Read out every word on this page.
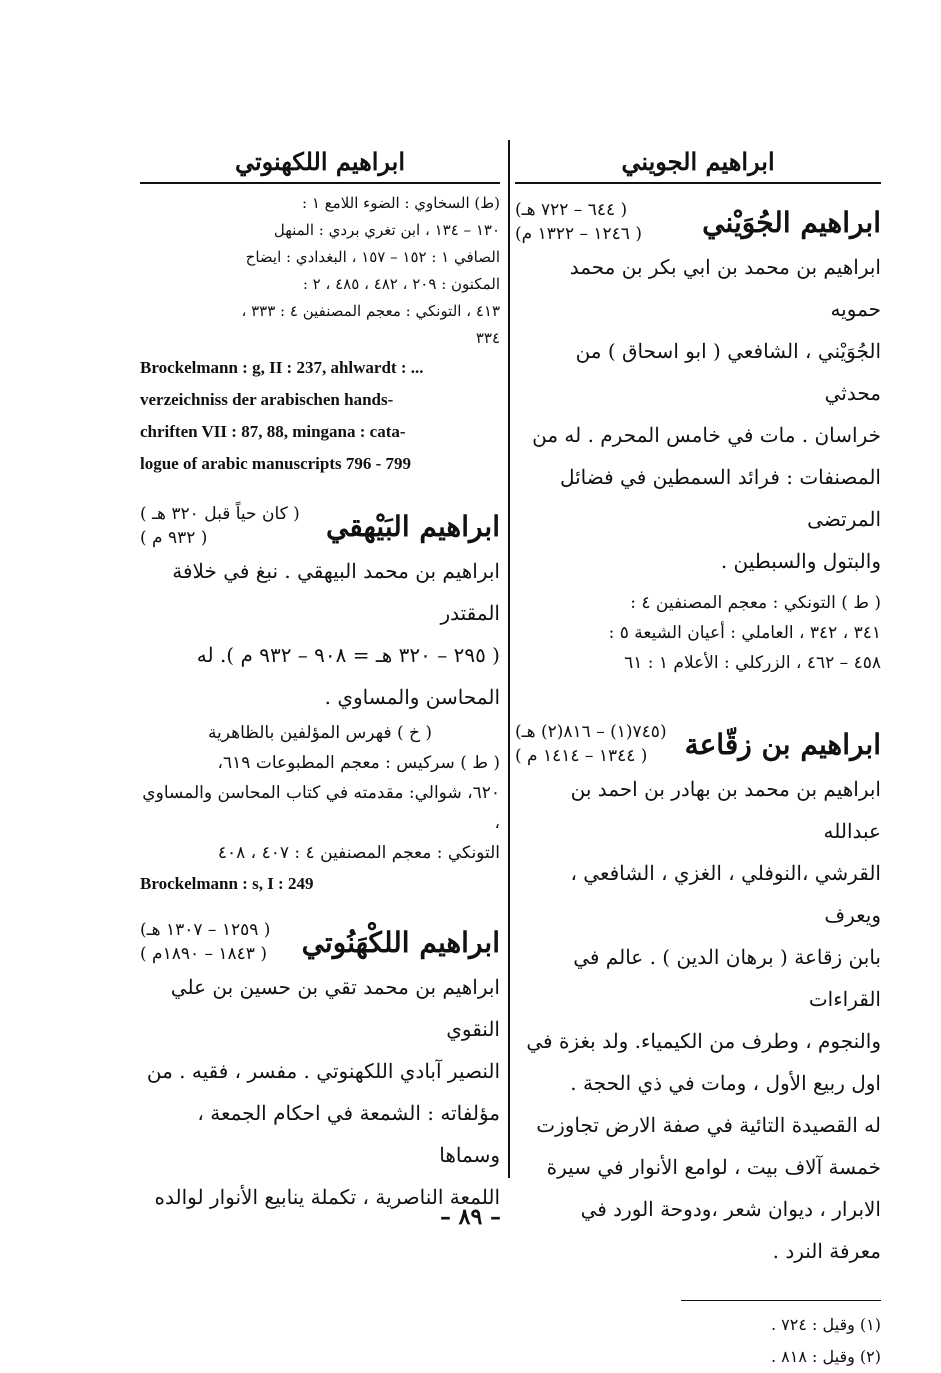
ابراهيم الجويني
ابراهيم الجُوَيْني
( ٦٤٤ – ٧٢٢ هـ)
( ١٢٤٦ – ١٣٢٢ م)

ابراهيم بن محمد بن ابي بكر بن محمد حمويه

الجُوَيْني ، الشافعي ( ابو اسحاق ) من محدثي

خراسان . مات في خامس المحرم . له من

المصنفات : فرائد السمطين في فضائل المرتضى

والبتول والسبطين .

( ط ) التونكي : معجم المصنفين ٤ :

٣٤١ ، ٣٤٢ ، العاملي : أعيان الشيعة ٥ :

٤٥٨ – ٤٦٢ ، الزركلي : الأعلام ١ : ٦١

ابراهيم بن زقّاعة
(٧٤٥(١) – ٨١٦(٢) هـ)
( ١٣٤٤ – ١٤١٤ م )

ابراهيم بن محمد بن بهادر بن احمد بن عبدالله

القرشي ،النوفلي ، الغزي ، الشافعي ، ويعرف

بابن زقاعة ( برهان الدين ) . عالم في القراءات

والنجوم ، وطرف من الكيمياء. ولد بغزة في

اول ربيع الأول ، ومات في ذي الحجة .

له القصيدة التائية في صفة الارض تجاوزت

خمسة آلاف بيت ، لوامع الأنوار في سيرة

الابرار ، ديوان شعر ،ودوحة الورد في

معرفة النرد .

(١) وقيل : ٧٢٤ .

(٢) وقيل : ٨١٨ .

ابراهيم اللكهنوتي

(ط) السخاوي : الضوء اللامع ١ :

١٣٠ – ١٣٤ ، ابن تغري بردي : المنهل

الصافي ١ : ١٥٢ – ١٥٧ ، البغدادي : ايضاح

المكنون : ٢٠٩ ، ٤٨٢ ، ٤٨٥ ، ٢ :

٤١٣ ، التونكي : معجم المصنفين ٤ : ٣٣٣ ،

٣٣٤

Brockelmann : g, II : 237, ahlwardt : ...

verzeichniss der arabischen hands-

chriften VII : 87, 88, mingana : cata-

logue of arabic manuscripts 796 - 799

ابراهيم البَيْهقي
( كان حياً قبل ٣٢٠ هـ )
( ٩٣٢ م )

ابراهيم بن محمد البيهقي . نبغ في خلافة المقتدر

( ٢٩٥ – ٣٢٠ هـ = ٩٠٨ – ٩٣٢ م ). له

المحاسن والمساوي .

( خ ) فهرس المؤلفين بالظاهرية

( ط ) سركيس : معجم المطبوعات ٦١٩،

٦٢٠، شوالي: مقدمته في كتاب المحاسن والمساوي ،

التونكي : معجم المصنفين ٤ : ٤٠٧ ، ٤٠٨

Brockelmann : s, I : 249

ابراهيم اللكْهَنُوتي
( ١٢٥٩ – ١٣٠٧ هـ)
( ١٨٤٣ – ١٨٩٠م )

ابراهيم بن محمد تقي بن حسين بن علي النقوي

النصير آبادي اللكهنوتي . مفسر ، فقيه . من

مؤلفاته : الشمعة في احكام الجمعة ، وسماها

اللمعة الناصرية ، تكملة ينابيع الأنوار لوالده

– ٨٩ –
